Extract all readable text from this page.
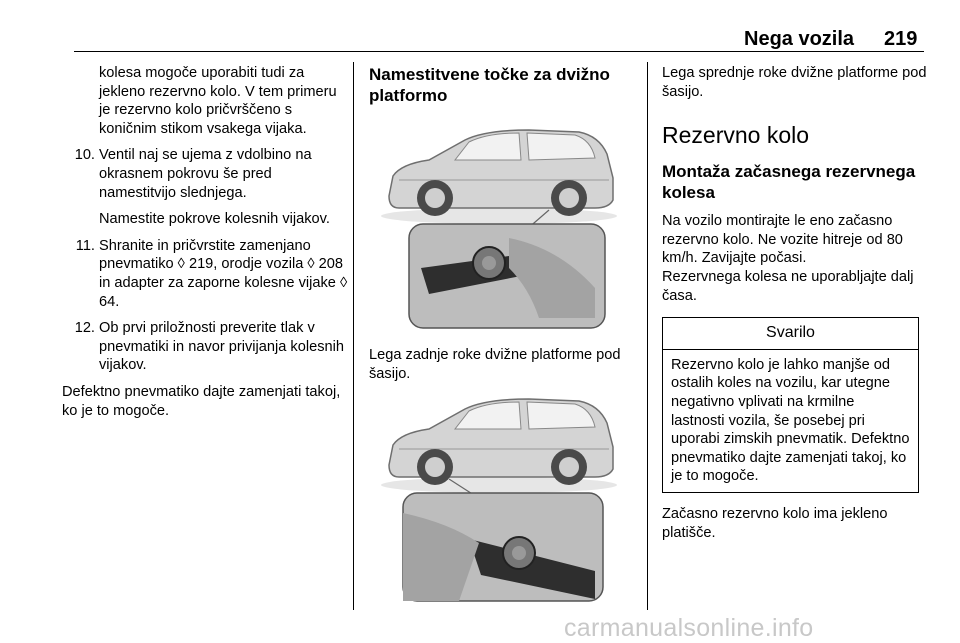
Nega vozila 219

kolesa mogoče uporabiti tudi za jekleno rezervno kolo. V tem primeru je rezervno kolo pričvrščeno s koničnim stikom vsakega vijaka.

10. Ventil naj se ujema z vdolbino na okrasnem pokrovu še pred namestitvijo slednjega.

Namestite pokrove kolesnih vijakov.

11. Shranite in pričvrstite zamenjano pnevmatiko ◊ 219, orodje vozila ◊ 208 in adapter za zaporne kolesne vijake ◊ 64.
12. Ob prvi priložnosti preverite tlak v pnevmatiki in navor privijanja kolesnih vijakov.

Defektno pnevmatiko dajte zamenjati takoj, ko je to mogoče.

Namestitvene točke za dvižno platformo

Lega zadnje roke dvižne platforme pod šasijo.

Lega sprednje roke dvižne platforme pod šasijo.

Rezervno kolo

Montaža začasnega rezervnega kolesa

Na vozilo montirajte le eno začasno rezervno kolo. Ne vozite hitreje od 80 km/h. Zavijajte počasi.

Rezervnega kolesa ne uporabljajte dalj časa.

Svarilo
Rezervno kolo je lahko manjše od ostalih koles na vozilu, kar utegne negativno vplivati na krmilne lastnosti vozila, še posebej pri uporabi zimskih pnevmatik. Defektno pnevmatiko dajte zamenjati takoj, ko je to mogoče.

Začasno rezervno kolo ima jekleno platišče.

carmanualsonline.info
